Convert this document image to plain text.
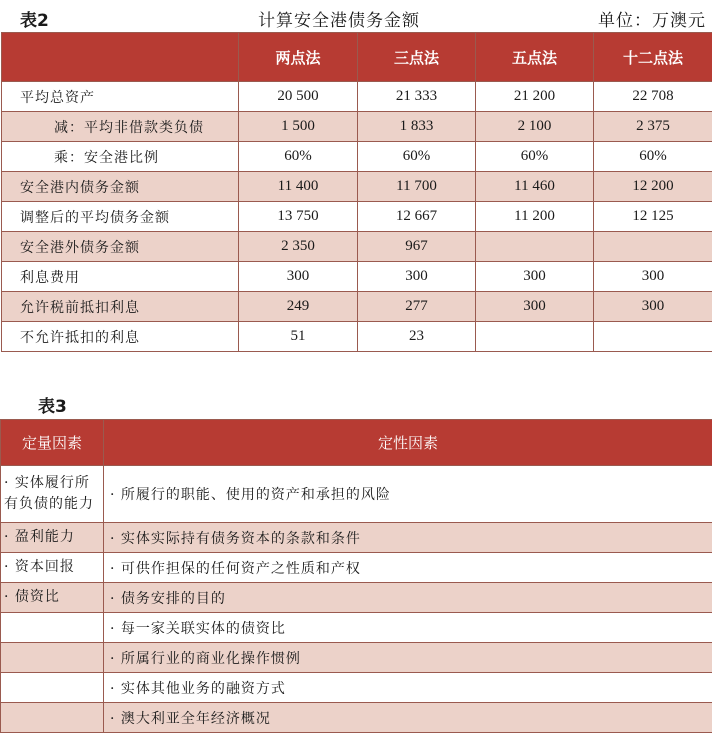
表2	计算安全港债务金额	单位：万澳元
	两点法	三点法	五点法	十二点法
平均总资产	20 500	21 333	21 200	22 708
减：平均非借款类负债	1 500	1 833	2 100	2 375
乘：安全港比例	60%	60%	60%	60%
安全港内债务金额	11 400	11 700	11 460	12 200
调整后的平均债务金额	13 750	12 667	11 200	12 125
安全港外债务金额	2 350	967		
利息费用	300	300	300	300
允许税前抵扣利息	249	277	300	300
不允许抵扣的利息	51	23		
表3
定量因素	定性因素
· 实体履行所有负债的能力	· 所履行的职能、使用的资产和承担的风险
· 盈利能力	· 实体实际持有债务资本的条款和条件
· 资本回报	· 可供作担保的任何资产之性质和产权
· 债资比	· 债务安排的目的
	· 每一家关联实体的债资比
	· 所属行业的商业化操作惯例
	· 实体其他业务的融资方式
	· 澳大利亚全年经济概况
